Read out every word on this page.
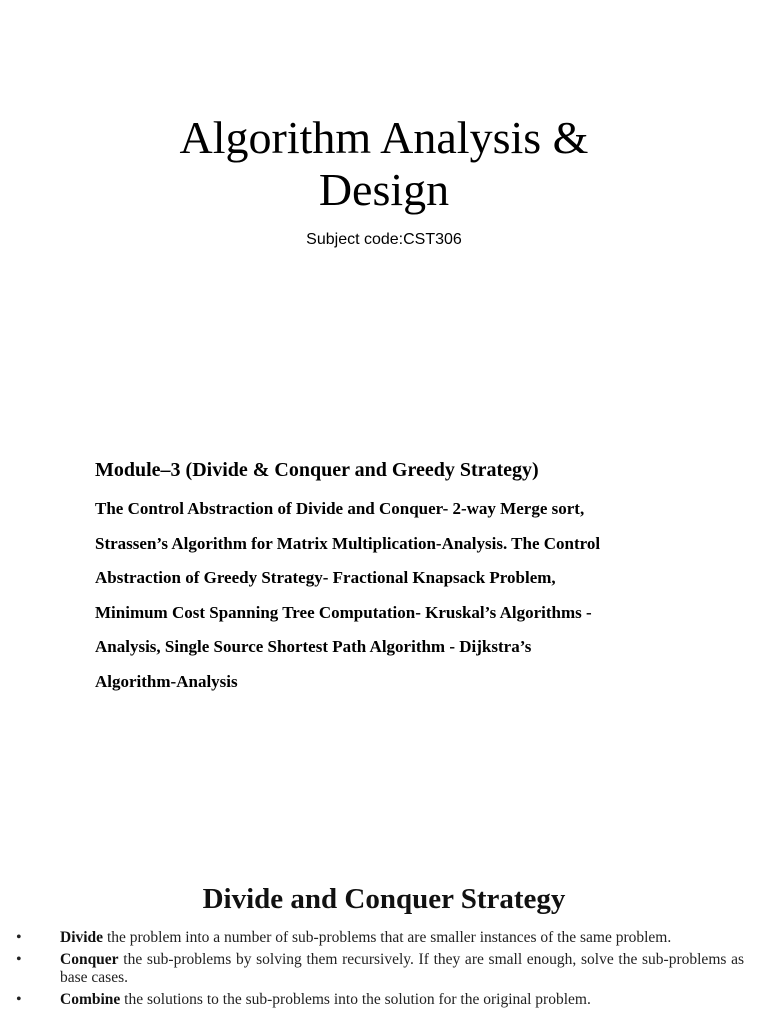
Algorithm Analysis &
Design
Subject code:CST306
Module–3 (Divide & Conquer and Greedy Strategy)
The Control Abstraction of Divide and Conquer- 2-way Merge sort,
Strassen’s Algorithm for Matrix Multiplication-Analysis. The Control
Abstraction of Greedy Strategy- Fractional Knapsack Problem,
Minimum Cost Spanning Tree Computation- Kruskal’s Algorithms -
Analysis, Single Source Shortest Path Algorithm - Dijkstra’s
Algorithm-Analysis
Divide and Conquer Strategy
• Divide the problem into a number of sub-problems that are smaller instances of the same problem.
• Conquer the sub-problems by solving them recursively. If they are small enough, solve the sub-problems as base cases.
• Combine the solutions to the sub-problems into the solution for the original problem.
